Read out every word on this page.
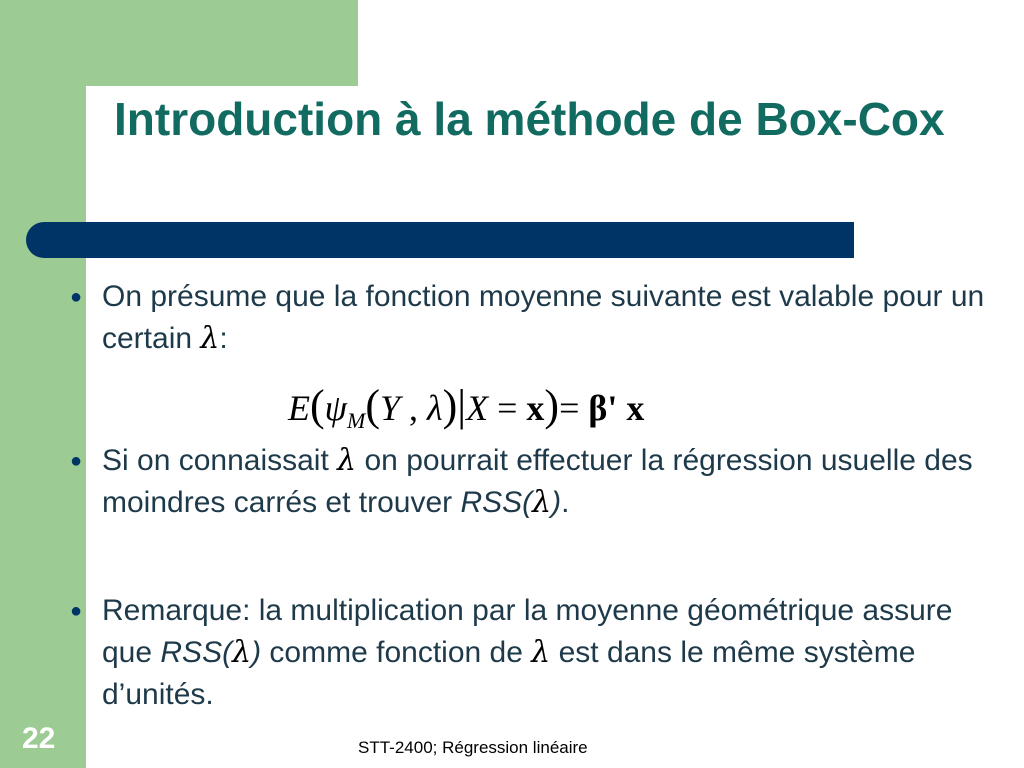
Introduction à la méthode de Box-Cox
● On présume que la fonction moyenne suivante est valable pour un certain λ:
$E(\psi_M(Y$ , λ)|X = x)= β' x
● Si on connaissait λ on pourrait effectuer la régression usuelle des moindres carrés et trouver RSS(λ).
● Remarque: la multiplication par la moyenne géométrique assure que RSS(λ) comme fonction de λ est dans le même système d’unités.
22	STT-2400; Régression linéaire
